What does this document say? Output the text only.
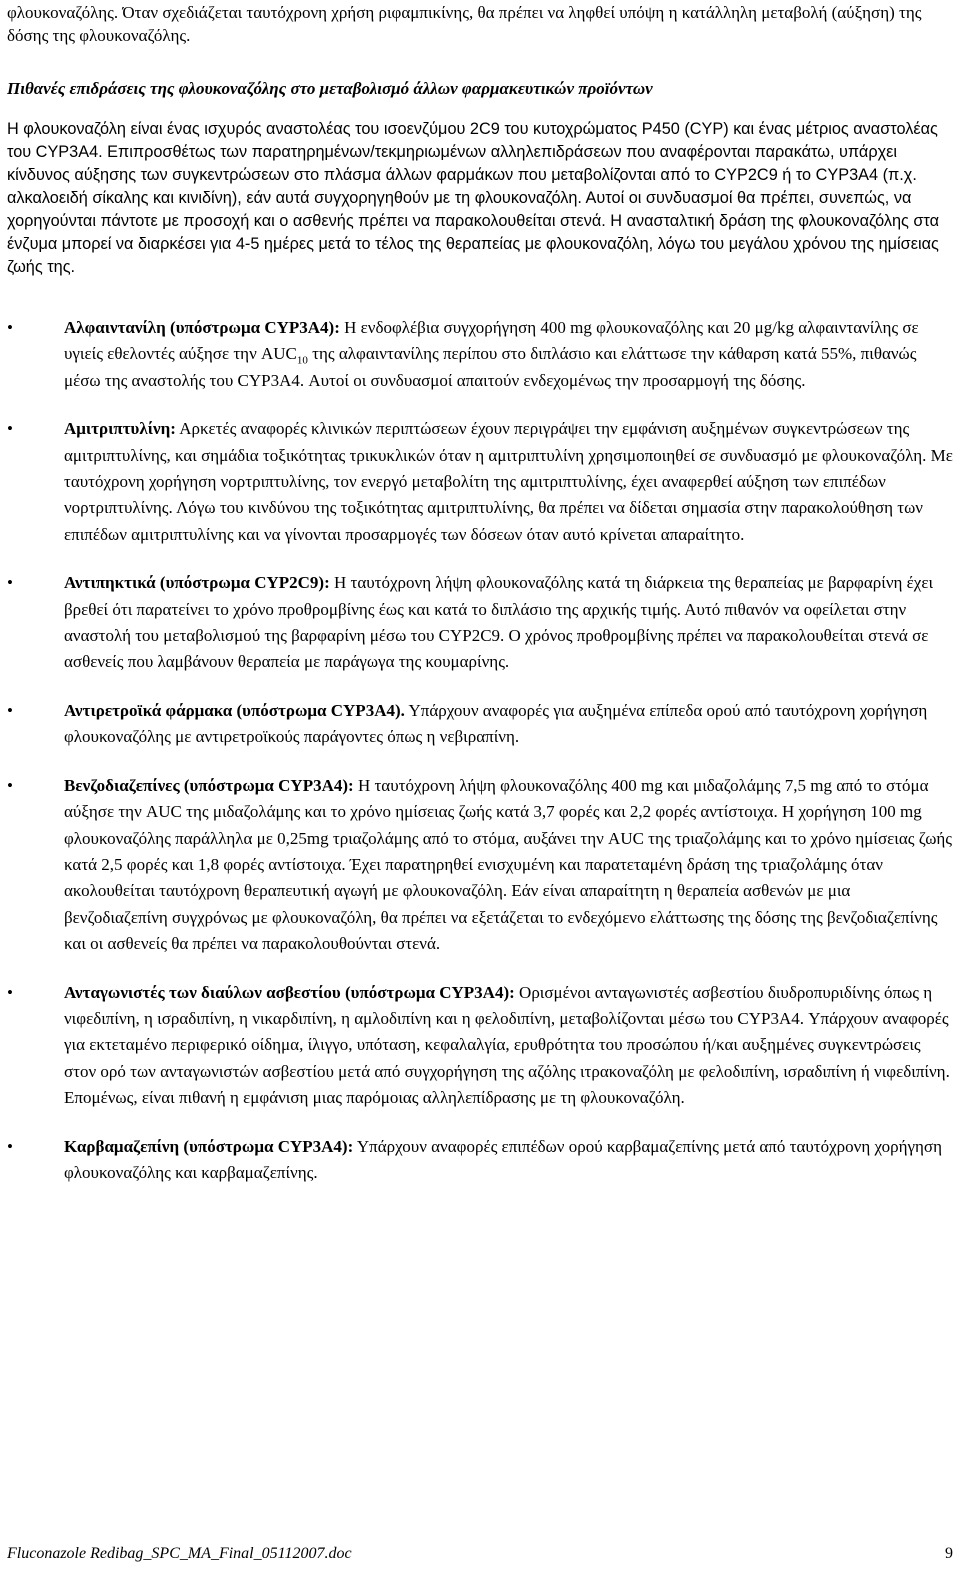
φλουκοναζόλης. Όταν σχεδιάζεται ταυτόχρονη χρήση ριφαμπικίνης, θα πρέπει να ληφθεί υπόψη η κατάλληλη μεταβολή (αύξηση) της δόσης της φλουκοναζόλης.

Πιθανές επιδράσεις της φλουκοναζόλης στο μεταβολισμό άλλων φαρμακευτικών προϊόντων

Η φλουκοναζόλη είναι ένας ισχυρός αναστολέας του ισοενζύμου 2C9 του κυτοχρώματος P450 (CYP) και ένας μέτριος αναστολέας του CYP3A4. Επιπροσθέτως των παρατηρημένων/τεκμηριωμένων αλληλεπιδράσεων που αναφέρονται παρακάτω, υπάρχει κίνδυνος αύξησης των συγκεντρώσεων στο πλάσμα άλλων φαρμάκων που μεταβολίζονται από το CYP2C9 ή το CYP3A4 (π.χ. αλκαλοειδή σίκαλης και κινιδίνη), εάν αυτά συγχορηγηθούν με τη φλουκοναζόλη. Αυτοί οι συνδυασμοί θα πρέπει, συνεπώς, να χορηγούνται πάντοτε με προσοχή και ο ασθενής πρέπει να παρακολουθείται στενά. Η ανασταλτική δράση της φλουκοναζόλης στα ένζυμα μπορεί να διαρκέσει για 4-5 ημέρες μετά το τέλος της θεραπείας με φλουκοναζόλη, λόγω του μεγάλου χρόνου της ημίσειας ζωής της.

•	Αλφαιντανίλη (υπόστρωμα CYP3A4): Η ενδοφλέβια συγχορήγηση 400 mg φλουκοναζόλης και 20 μg/kg αλφαιντανίλης σε υγιείς εθελοντές αύξησε την $AUC_{10}$ της αλφαιντανίλης περίπου στο διπλάσιο και ελάττωσε την κάθαρση κατά 55%, πιθανώς μέσω της αναστολής του CYP3A4. Αυτοί οι συνδυασμοί απαιτούν ενδεχομένως την προσαρμογή της δόσης.
•	Αμιτριπτυλίνη: Αρκετές αναφορές κλινικών περιπτώσεων έχουν περιγράψει την εμφάνιση αυξημένων συγκεντρώσεων της αμιτριπτυλίνης, και σημάδια τοξικότητας τρικυκλικών όταν η αμιτριπτυλίνη χρησιμοποιηθεί σε συνδυασμό με φλουκοναζόλη. Με ταυτόχρονη χορήγηση νορτριπτυλίνης, τον ενεργό μεταβολίτη της αμιτριπτυλίνης, έχει αναφερθεί αύξηση των επιπέδων νορτριπτυλίνης. Λόγω του κινδύνου της τοξικότητας αμιτριπτυλίνης, θα πρέπει να δίδεται σημασία στην παρακολούθηση των επιπέδων αμιτριπτυλίνης και να γίνονται προσαρμογές των δόσεων όταν αυτό κρίνεται απαραίτητο.
•	Αντιπηκτικά (υπόστρωμα CYP2C9): Η ταυτόχρονη λήψη φλουκοναζόλης κατά τη διάρκεια της θεραπείας με βαρφαρίνη έχει βρεθεί ότι παρατείνει το χρόνο προθρομβίνης έως και κατά το διπλάσιο της αρχικής τιμής. Αυτό πιθανόν να οφείλεται στην αναστολή του μεταβολισμού της βαρφαρίνη μέσω του CYP2C9. Ο χρόνος προθρομβίνης πρέπει να παρακολουθείται στενά σε ασθενείς που λαμβάνουν θεραπεία με παράγωγα της κουμαρίνης.
•	Αντιρετροϊκά φάρμακα (υπόστρωμα CYP3A4). Υπάρχουν αναφορές για αυξημένα επίπεδα ορού από ταυτόχρονη χορήγηση φλουκοναζόλης με αντιρετροϊκούς παράγοντες όπως η νεβιραπίνη.
•	Βενζοδιαζεπίνες (υπόστρωμα CYP3A4): Η ταυτόχρονη λήψη φλουκοναζόλης 400 mg και μιδαζολάμης 7,5 mg από το στόμα αύξησε την AUC της μιδαζολάμης και το χρόνο ημίσειας ζωής κατά 3,7 φορές και 2,2 φορές αντίστοιχα. Η χορήγηση 100 mg φλουκοναζόλης παράλληλα με 0,25mg τριαζολάμης από το στόμα, αυξάνει την AUC της τριαζολάμης και το χρόνο ημίσειας ζωής κατά 2,5 φορές και 1,8 φορές αντίστοιχα. Έχει παρατηρηθεί ενισχυμένη και παρατεταμένη δράση της τριαζολάμης όταν ακολουθείται ταυτόχρονη θεραπευτική αγωγή με φλουκοναζόλη. Εάν είναι απαραίτητη η θεραπεία ασθενών με μια βενζοδιαζεπίνη συγχρόνως με φλουκοναζόλη, θα πρέπει να εξετάζεται το ενδεχόμενο ελάττωσης της δόσης της βενζοδιαζεπίνης και οι ασθενείς θα πρέπει να παρακολουθούνται στενά.
•	Ανταγωνιστές των διαύλων ασβεστίου (υπόστρωμα CYP3A4): Ορισμένοι ανταγωνιστές ασβεστίου διυδροπυριδίνης όπως η νιφεδιπίνη, η ισραδιπίνη, η νικαρδιπίνη, η αμλοδιπίνη και η φελοδιπίνη, μεταβολίζονται μέσω του CYP3A4. Υπάρχουν αναφορές για εκτεταμένο περιφερικό οίδημα, ίλιγγο, υπόταση, κεφαλαλγία, ερυθρότητα του προσώπου ή/και αυξημένες συγκεντρώσεις στον ορό των ανταγωνιστών ασβεστίου μετά από συγχορήγηση της αζόλης ιτρακοναζόλη με φελοδιπίνη, ισραδιπίνη ή νιφεδιπίνη. Επομένως, είναι πιθανή η εμφάνιση μιας παρόμοιας αλληλεπίδρασης με τη φλουκοναζόλη.
•	Καρβαμαζεπίνη (υπόστρωμα CYP3A4): Υπάρχουν αναφορές επιπέδων ορού καρβαμαζεπίνης μετά από ταυτόχρονη χορήγηση φλουκοναζόλης και καρβαμαζεπίνης.
Fluconazole Redibag_SPC_MA_Final_05112007.doc	9
